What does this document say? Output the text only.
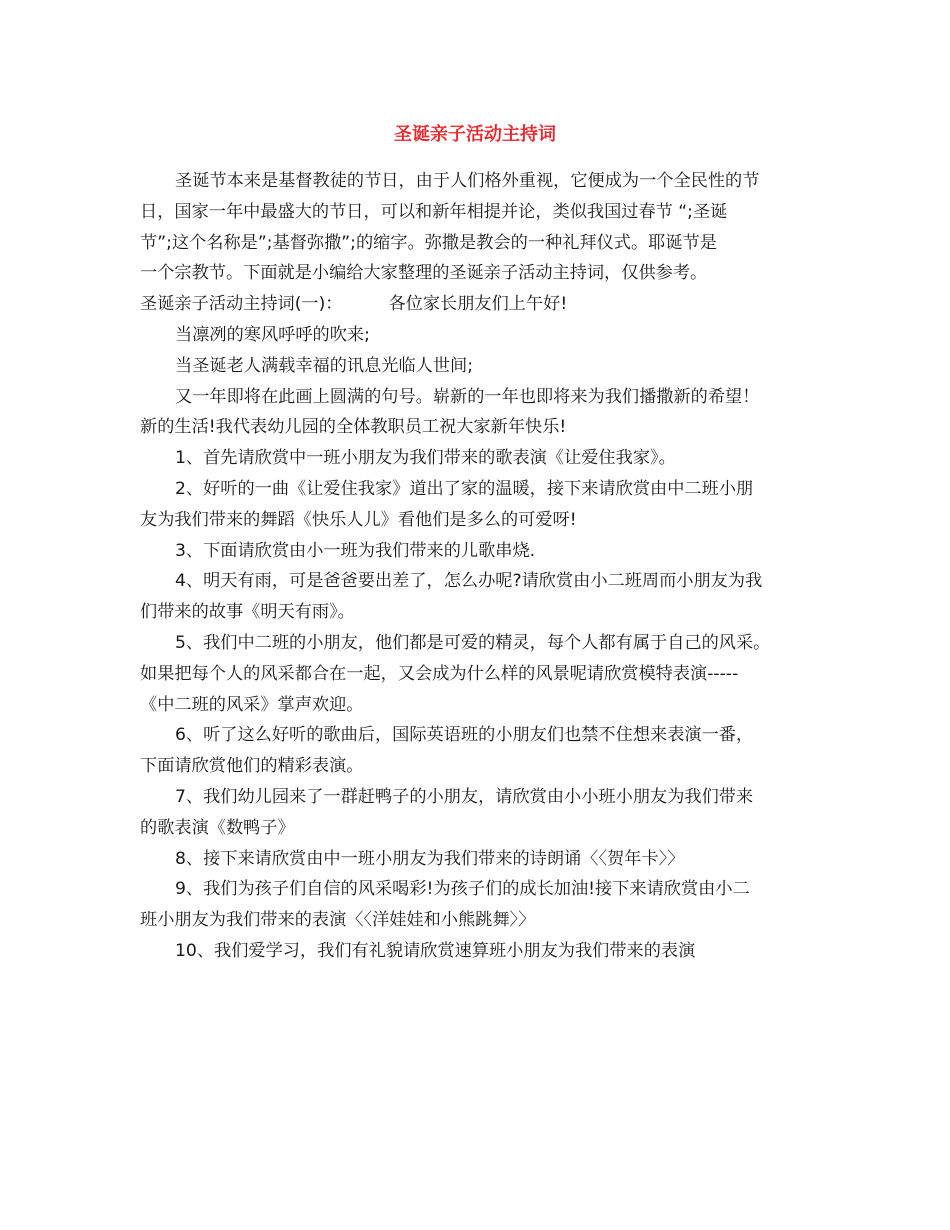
圣诞亲子活动主持词
圣诞节本来是基督教徒的节日，由于人们格外重视，它便成为一个全民性的节
日，国家一年中最盛大的节日，可以和新年相提并论，类似我国过春节 “;圣诞
节”;这个名称是”;基督弥撒”;的缩字。弥撒是教会的一种礼拜仪式。耶诞节是
一个宗教节。下面就是小编给大家整理的圣诞亲子活动主持词，仅供参考。
圣诞亲子活动主持词(一)：	各位家长朋友们上午好!
当凛冽的寒风呼呼的吹来;
当圣诞老人满载幸福的讯息光临人世间;
又一年即将在此画上圆满的句号。崭新的一年也即将来为我们播撒新的希望！
新的生活!我代表幼儿园的全体教职员工祝大家新年快乐!
1、首先请欣赏中一班小朋友为我们带来的歌表演《让爱住我家》。
2、好听的一曲《让爱住我家》道出了家的温暖，接下来请欣赏由中二班小朋
友为我们带来的舞蹈《快乐人儿》看他们是多么的可爱呀!
3、下面请欣赏由小一班为我们带来的儿歌串烧.
4、明天有雨，可是爸爸要出差了，怎么办呢?请欣赏由小二班周而小朋友为我
们带来的故事《明天有雨》。
5、我们中二班的小朋友，他们都是可爱的精灵，每个人都有属于自己的风采。
如果把每个人的风采都合在一起，又会成为什么样的风景呢请欣赏模特表演-----
《中二班的风采》掌声欢迎。
6、听了这么好听的歌曲后，国际英语班的小朋友们也禁不住想来表演一番，
下面请欣赏他们的精彩表演。
7、我们幼儿园来了一群赶鸭子的小朋友，请欣赏由小小班小朋友为我们带来
的歌表演《数鸭子》
8、接下来请欣赏由中一班小朋友为我们带来的诗朗诵〈〈贺年卡〉〉
9、我们为孩子们自信的风采喝彩!为孩子们的成长加油!接下来请欣赏由小二
班小朋友为我们带来的表演〈〈洋娃娃和小熊跳舞〉〉
10、我们爱学习，我们有礼貌请欣赏速算班小朋友为我们带来的表演
